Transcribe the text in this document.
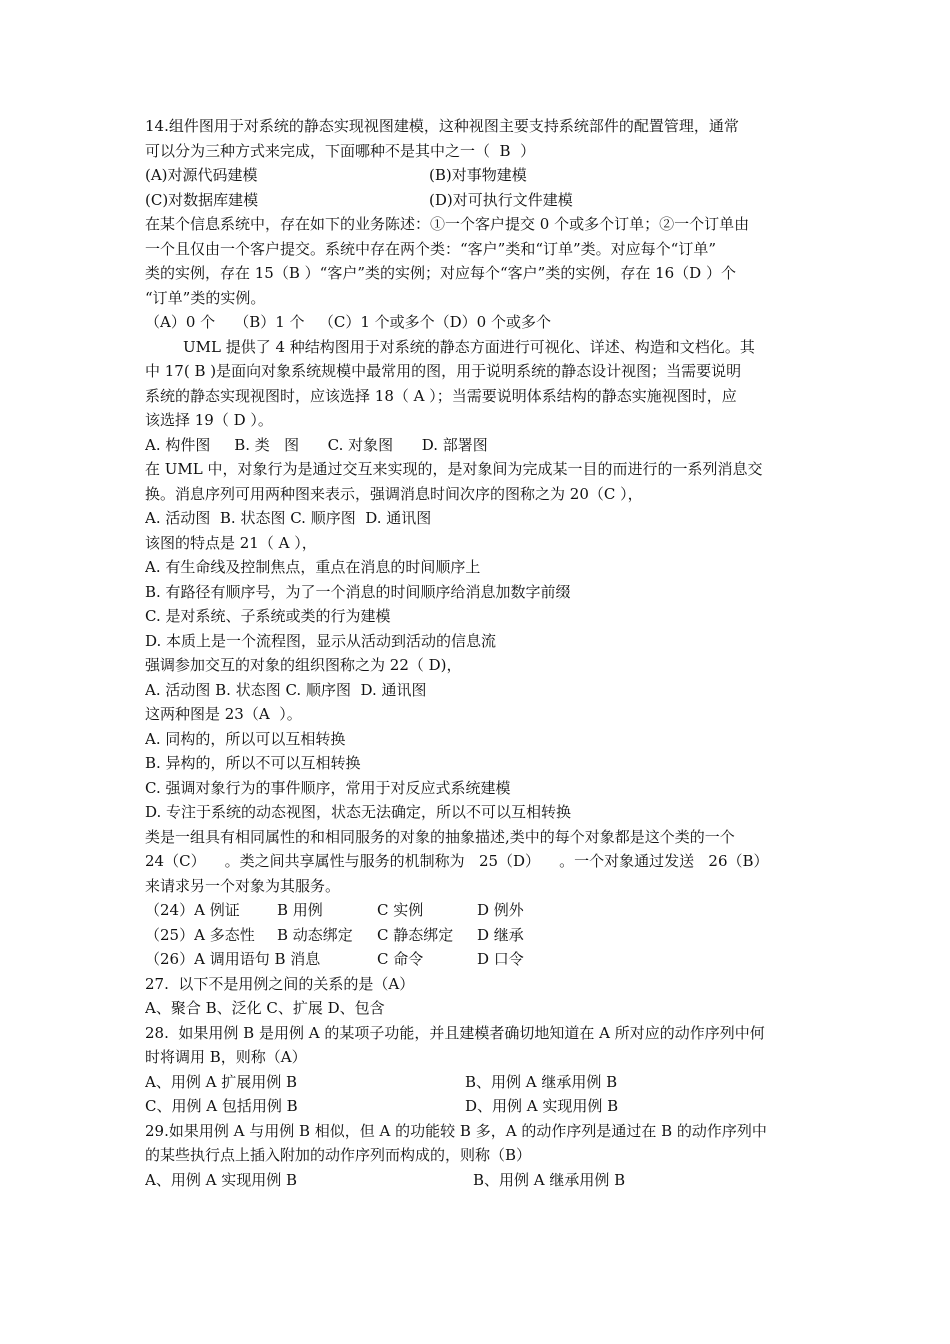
14.组件图用于对系统的静态实现视图建模，这种视图主要支持系统部件的配置管理，通常
可以分为三种方式来完成，下面哪种不是其中之一（  B  ）
(A)对源代码建模	(B)对事物建模
(C)对数据库建模	(D)对可执行文件建模
在某个信息系统中，存在如下的业务陈述：①一个客户提交 0 个或多个订单；②一个订单由
一个且仅由一个客户提交。系统中存在两个类：“客户”类和“订单”类。对应每个“订单”
类的实例，存在 15（B ）“客户”类的实例；对应每个“客户”类的实例，存在 16（D ）个
“订单”类的实例。
（A）0 个    （B）1 个   （C）1 个或多个（D）0 个或多个
UML 提供了 4 种结构图用于对系统的静态方面进行可视化、详述、构造和文档化。其
中 17( B )是面向对象系统规模中最常用的图，用于说明系统的静态设计视图；当需要说明
系统的静态实现视图时，应该选择 18（ A ）；当需要说明体系结构的静态实施视图时，应
该选择 19（ D ）。
A. 构件图     B. 类   图      C. 对象图      D. 部署图
在 UML 中，对象行为是通过交互来实现的，是对象间为完成某一目的而进行的一系列消息交
换。消息序列可用两种图来表示，强调消息时间次序的图称之为 20（C ），
A. 活动图  B. 状态图 C. 顺序图  D. 通讯图
该图的特点是 21（ A ），
A. 有生命线及控制焦点，重点在消息的时间顺序上
B. 有路径有顺序号，为了一个消息的时间顺序给消息加数字前缀
C. 是对系统、子系统或类的行为建模
D. 本质上是一个流程图，显示从活动到活动的信息流
强调参加交互的对象的组织图称之为 22（ D)，
A. 活动图 B. 状态图 C. 顺序图  D. 通讯图
这两种图是 23（A  ）。
A. 同构的，所以可以互相转换
B. 异构的，所以不可以互相转换
C. 强调对象行为的事件顺序，常用于对反应式系统建模
D. 专注于系统的动态视图，状态无法确定，所以不可以互相转换
类是一组具有相同属性的和相同服务的对象的抽象描述,类中的每个对象都是这个类的一个
24（C）    。类之间共享属性与服务的机制称为   25（D）    。一个对象通过发送   26（B）
来请求另一个对象为其服务。
（24）A 例证	B 用例	C 实例	D 例外
（25）A 多态性	B 动态绑定	C 静态绑定	D 继承
（26）A 调用语句 B 消息	C 命令	D 口令
27.  以下不是用例之间的关系的是（A）
A、聚合 B、泛化 C、扩展 D、包含
28.  如果用例 B 是用例 A 的某项子功能，并且建模者确切地知道在 A 所对应的动作序列中何
时将调用 B，则称（A）
A、用例 A 扩展用例 B	B、用例 A 继承用例 B
C、用例 A 包括用例 B	D、用例 A 实现用例 B
29.如果用例 A 与用例 B 相似，但 A 的功能较 B 多，A 的动作序列是通过在 B 的动作序列中
的某些执行点上插入附加的动作序列而构成的，则称（B）
A、用例 A 实现用例 B	B、用例 A 继承用例 B
